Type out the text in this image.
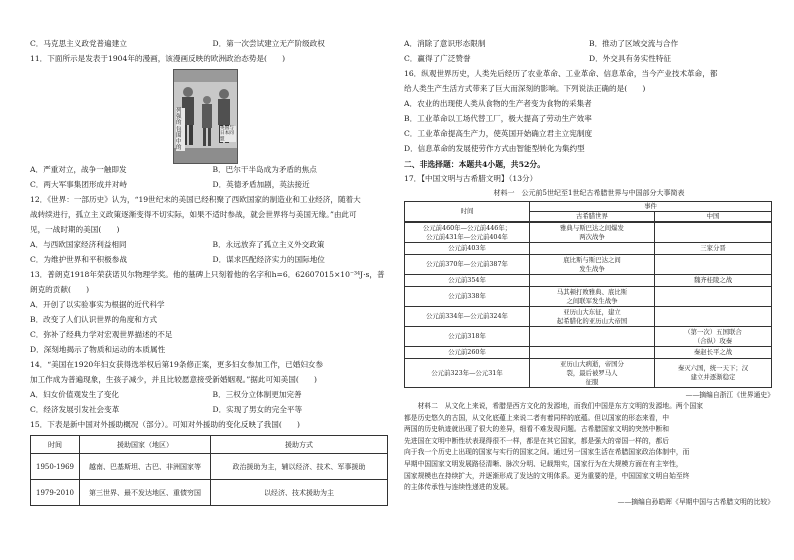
C．马克思主义政党普遍建立	D．第一次尝试建立无产阶级政权
11．下面所示是发表于1904年的漫画，该漫画反映的欧洲政治态势是(　　)
A．严重对立，战争一触即发	B．巴尔干半岛成为矛盾的焦点
C．两大军事集团形成并对峙	D．英德矛盾加剧，英法接近
12．《世界：一部历史》认为，“19世纪末的美国已经积聚了西欧国家的制造业和工业经济，随着大
战转续进行，孤立主义政策逐渐变得不切实际，如果不适时参战，就会世界将与美国无缘。”由此可
见，一战时期的美国(　　)
A．与西欧国家经济利益相同	B．永远放弃了孤立主义外交政策
C．为维护世界和平积极参战	D．谋求匹配经济实力的国际地位
13．普朗克1918年荣获诺贝尔物理学奖。他的墓碑上只刻着他的名字和h=6．62607015×10⁻³⁴J·s，普
朗克的贡献(　　)
A．开创了以实验事实为根据的近代科学
B．改变了人们认识世界的角度和方式
C．弥补了经典力学对宏观世界描述的不足
D．深刻地揭示了物质和运动的本质属性
14．“美国在1920年妇女获得选举权后第19条修正案，更多妇女参加工作，已婚妇女参
加工作成为普遍现象，生孩子减少，并且比较愿意接受新婚姻观。”据此可知美国(　　)
A．妇女价值观发生了变化	B．三权分立体制更加完善
C．经济发展引发社会变革	D．实现了男女的完全平等
15．下表是新中国对外援助概况（部分）。可知对外援助的变化反映了我国(　　)
时间	援助国家（地区）	援助方式
1950-1969	越南、巴基斯坦、古巴、非洲国家等	政治援助为主，辅以经济、技术、军事援助
1979-2010	第三世界、最不发达地区、重债穷国	以经济、技术援助为主
列强的包围中的
英国与日本同盟
A．消除了意识形态限制	B．推动了区域交流与合作
C．赢得了广泛赞誉	D．外交具有务实性特征
16．纵观世界历史，人类先后经历了农业革命、工业革命、信息革命，当今产业技术革命，都
给人类生产生活方式带来了巨大而深刻的影响。下列说法正确的是(　　)
A．农业的出现使人类从食物的生产者变为食物的采集者
B．工业革命以工场代替工厂，极大提高了劳动生产效率
C．工业革命提高生产力，使英国开始确立君主立宪制度
D．信息革命的发展使劳作方式由智能型转化为集约型
二、非选择题：本题共4小题，共52分。
17．【中国文明与古希腊文明】（13分）
材料一　公元前5世纪至1世纪古希腊世界与中国部分大事简表
时间	事件	
	古希腊世界	中国
公元前460年—公元前446年；
公元前431年—公元前404年	雅典与斯巴达之间爆发
两次战争	
公元前403年		三家分晋
公元前370年—公元前387年	底比斯与斯巴达之间
发生战争	
公元前354年		魏齐桂陵之战
公元前338年	马其顿打败雅典、底比斯
之间联军发生战争	
公元前334年—公元前324年	亚历山大东征，建立
起希腊化的亚历山大帝国	
公元前318年		（第一次）五国联合
（合纵）攻秦
公元前260年		秦赵长平之战
公元前323年—公元31年	亚历山大病逝，帝国分
裂，最后被罗马人
征服	秦灭六国，统一天下；汉
建立并逐渐稳定
——摘编自浙江《世界通史》
材料二　从文化上来说，希腊是西方文化的发源地，而我们中国是东方文明的发源地。两个国家
都是历史悠久的古国，从文化底蕴上来说二者有着同样的底蕴。但以国家的形态来看，中
两国的历史轨迹就出现了很大的差异，细看不难发现问题。古希腊国家文明的突然中断和
先进国在文明中断性状表现得很不一样，都是在其它国家，都是强大的帝国一样的，都后
向于我一个历史上出现的国家与实行的国家之间。通过另一国家生活在希腊国家政治体制中，而
早期中国国家文明发展路径清晰、脉次分明、记载翔实，国家行为在大规模方面在有主宰性，
国家规模也在持续扩大，并逐渐形成了发达的文明体系。更为重要的是，中国国家文明自始至终
的主体传承性与连续性递进的发展。
——摘编自孙皓晖《早期中国与古希腊文明的比较》
